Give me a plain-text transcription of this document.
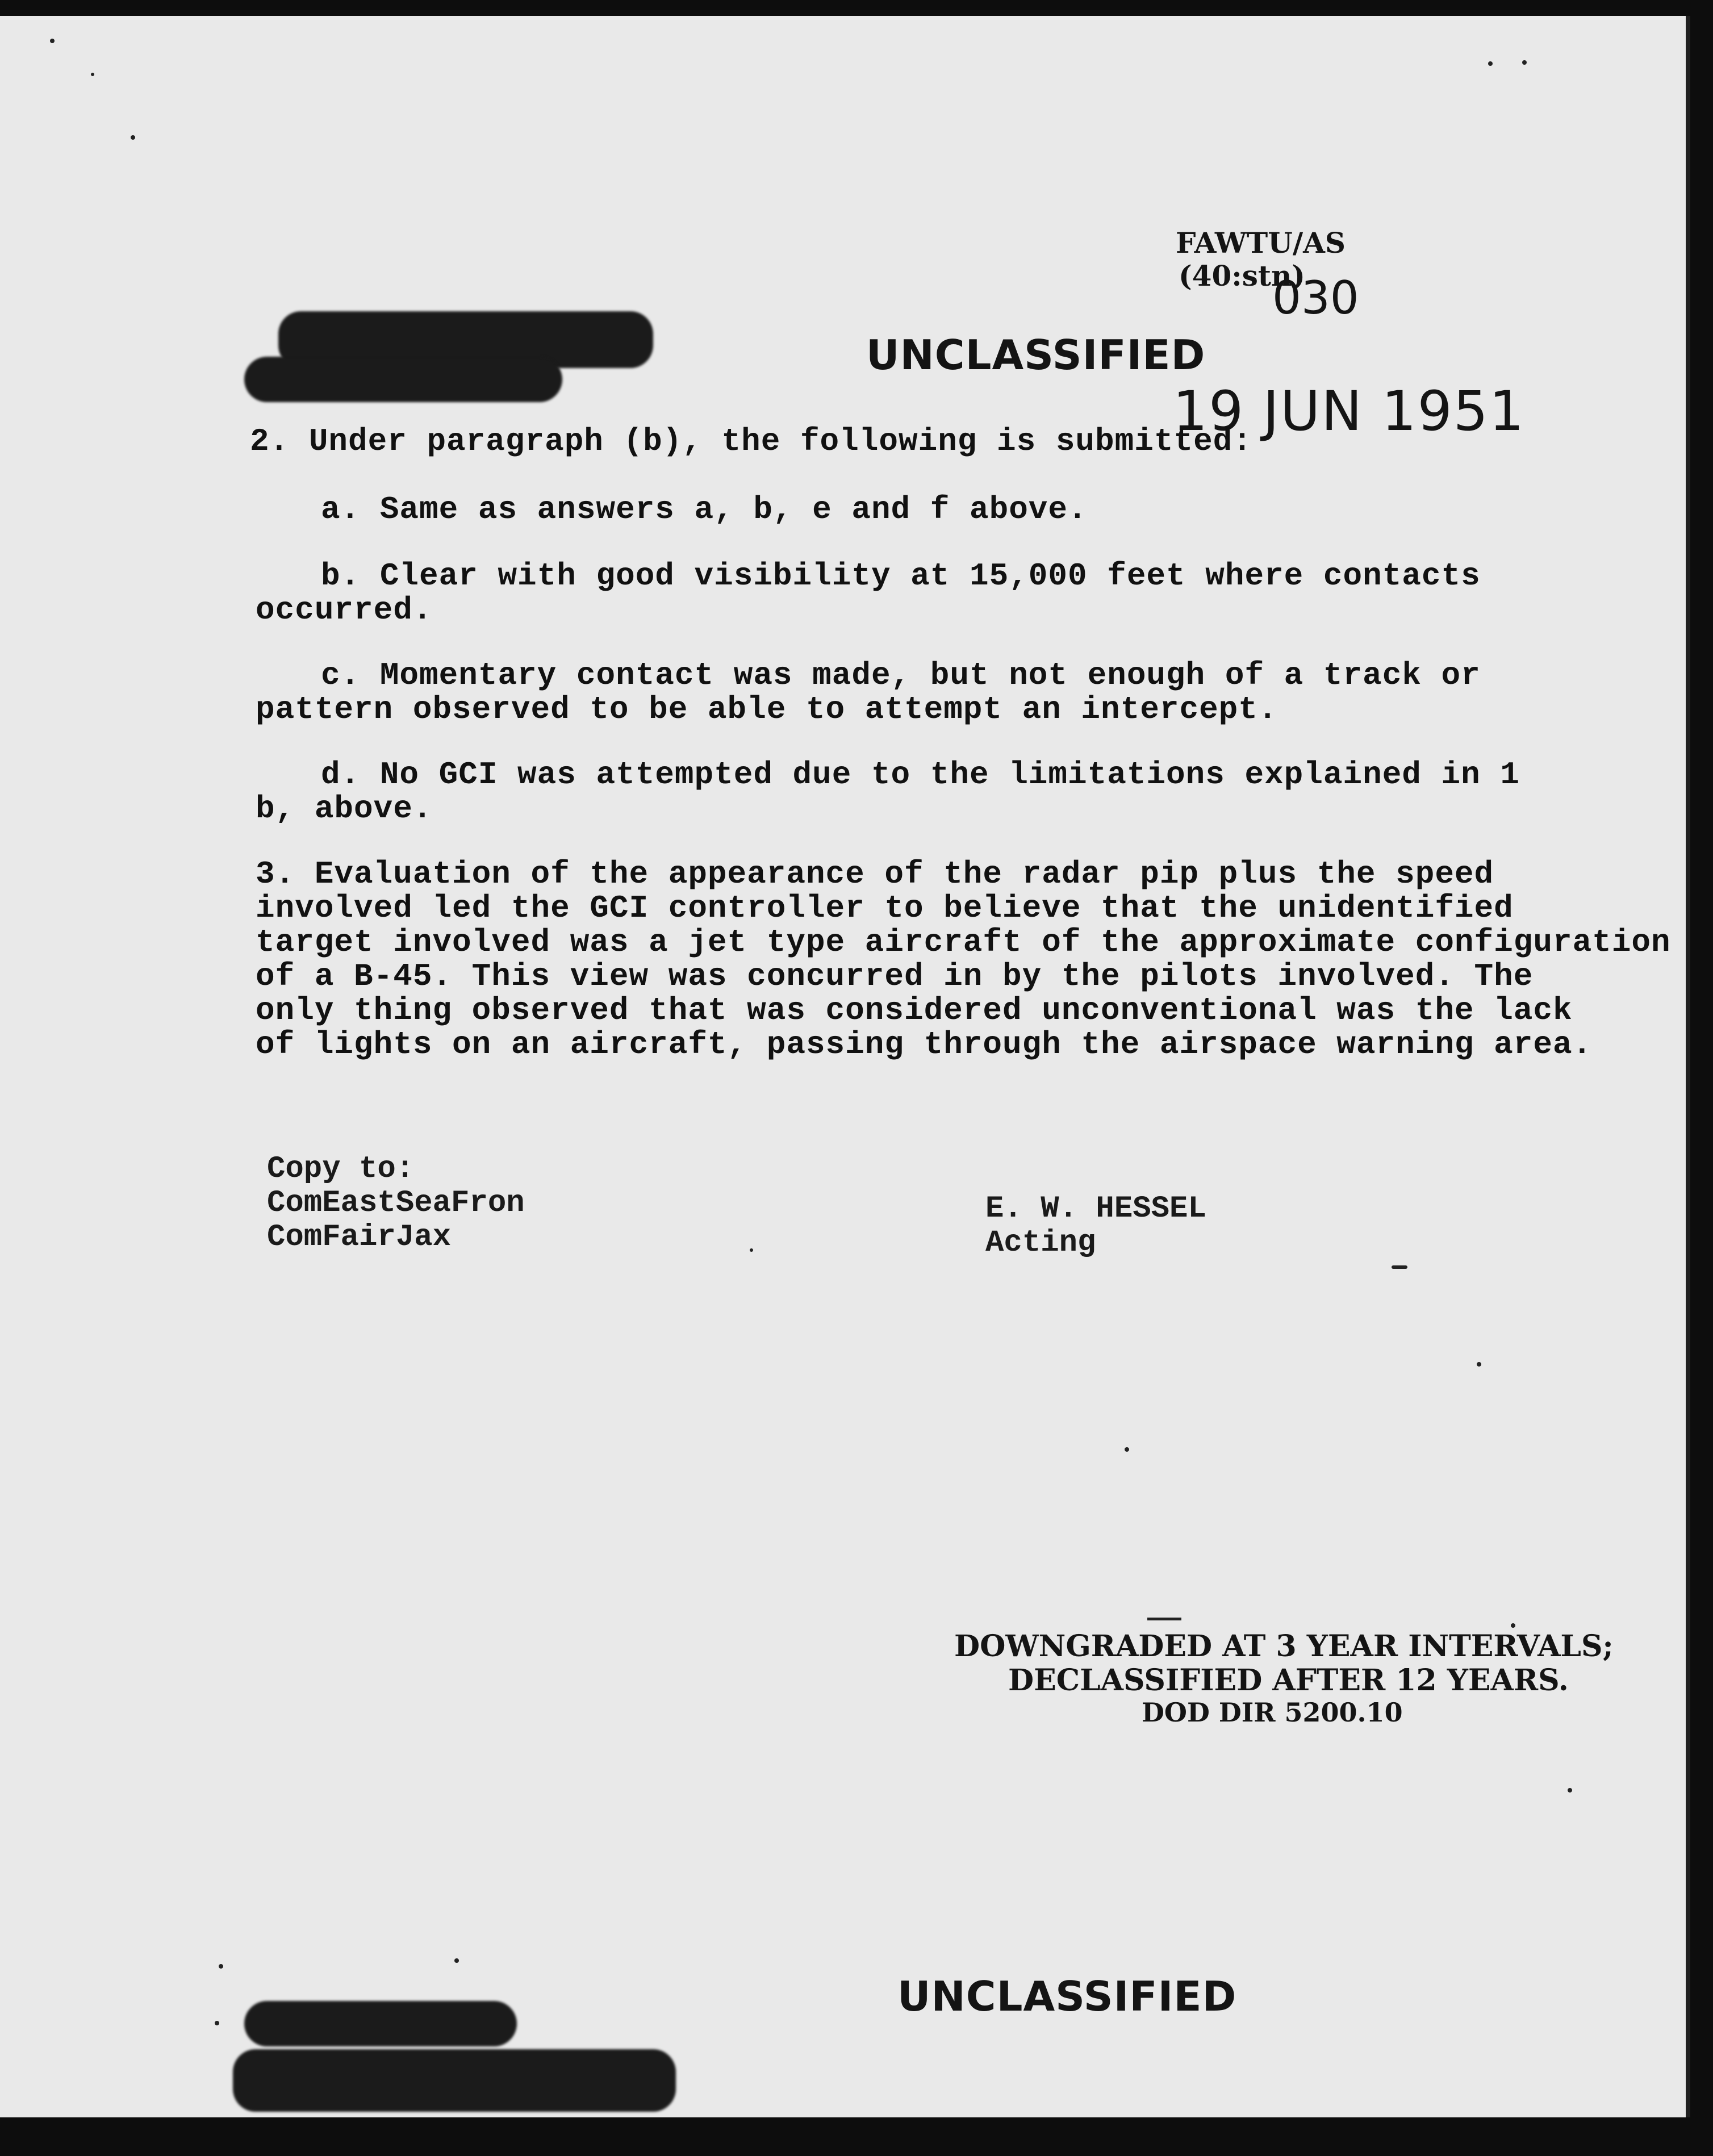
FAWTU/AS
(40:stn)
030
UNCLASSIFIED
19 JUN 1951
2. Under paragraph (b), the following is submitted:
a. Same as answers a, b, e and f above.
b. Clear with good visibility at 15,000 feet where contacts
occurred.
c. Momentary contact was made, but not enough of a track or
pattern observed to be able to attempt an intercept.
d. No GCI was attempted due to the limitations explained in 1
b, above.
3. Evaluation of the appearance of the radar pip plus the speed
involved led the GCI controller to believe that the unidentified
target involved was a jet type aircraft of the approximate configuration
of a B-45. This view was concurred in by the pilots involved. The
only thing observed that was considered unconventional was the lack
of lights on an aircraft, passing through the airspace warning area.
Copy to:
ComEastSeaFron
ComFairJax
E. W. HESSEL
Acting
DOWNGRADED AT 3 YEAR INTERVALS;
DECLASSIFIED AFTER 12 YEARS.
DOD DIR 5200.10
UNCLASSIFIED
